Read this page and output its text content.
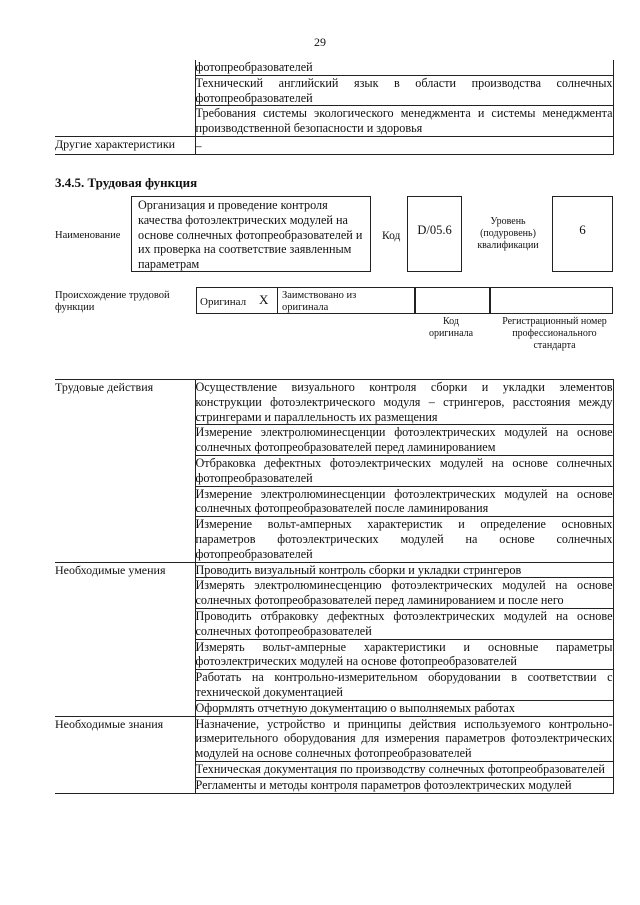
29
	фотопреобразователей
	Технический английский язык в области производства солнечных фотопреобразователей
	Требования системы экологического менеджмента и системы менеджмента производственной безопасности и здоровья
Другие характеристики	–
3.4.5. Трудовая функция
Наименование
Организация и проведение контроля качества фотоэлектрических модулей на основе солнечных фотопреобразователей и их проверка на соответствие заявленным параметрам
Код D/05.6
Уровень (подуровень) квалификации
6
Происхождение трудовой функции	Оригинал X Заимствовано из оригинала
Код оригинала
Регистрационный номер профессионального стандарта
Трудовые действия	Осуществление визуального контроля сборки и укладки элементов конструкции фотоэлектрического модуля – стрингеров, расстояния между стрингерами и параллельность их размещения
	Измерение электролюминесценции фотоэлектрических модулей на основе солнечных фотопреобразователей перед ламинированием
	Отбраковка дефектных фотоэлектрических модулей на основе солнечных фотопреобразователей
	Измерение электролюминесценции фотоэлектрических модулей на основе солнечных фотопреобразователей после ламинирования
	Измерение вольт-амперных характеристик и определение основных параметров фотоэлектрических модулей на основе солнечных фотопреобразователей
Необходимые умения	Проводить визуальный контроль сборки и укладки стрингеров
	Измерять электролюминесценцию фотоэлектрических модулей на основе солнечных фотопреобразователей перед ламинированием и после него
	Проводить отбраковку дефектных фотоэлектрических модулей на основе солнечных фотопреобразователей
	Измерять вольт-амперные характеристики и основные параметры фотоэлектрических модулей на основе фотопреобразователей
	Работать на контрольно-измерительном оборудовании в соответствии с технической документацией
	Оформлять отчетную документацию о выполняемых работах
Необходимые знания	Назначение, устройство и принципы действия используемого контрольно-измерительного оборудования для измерения параметров фотоэлектрических модулей на основе солнечных фотопреобразователей
	Техническая документация по производству солнечных фотопреобразователей
	Регламенты и методы контроля параметров фотоэлектрических модулей
